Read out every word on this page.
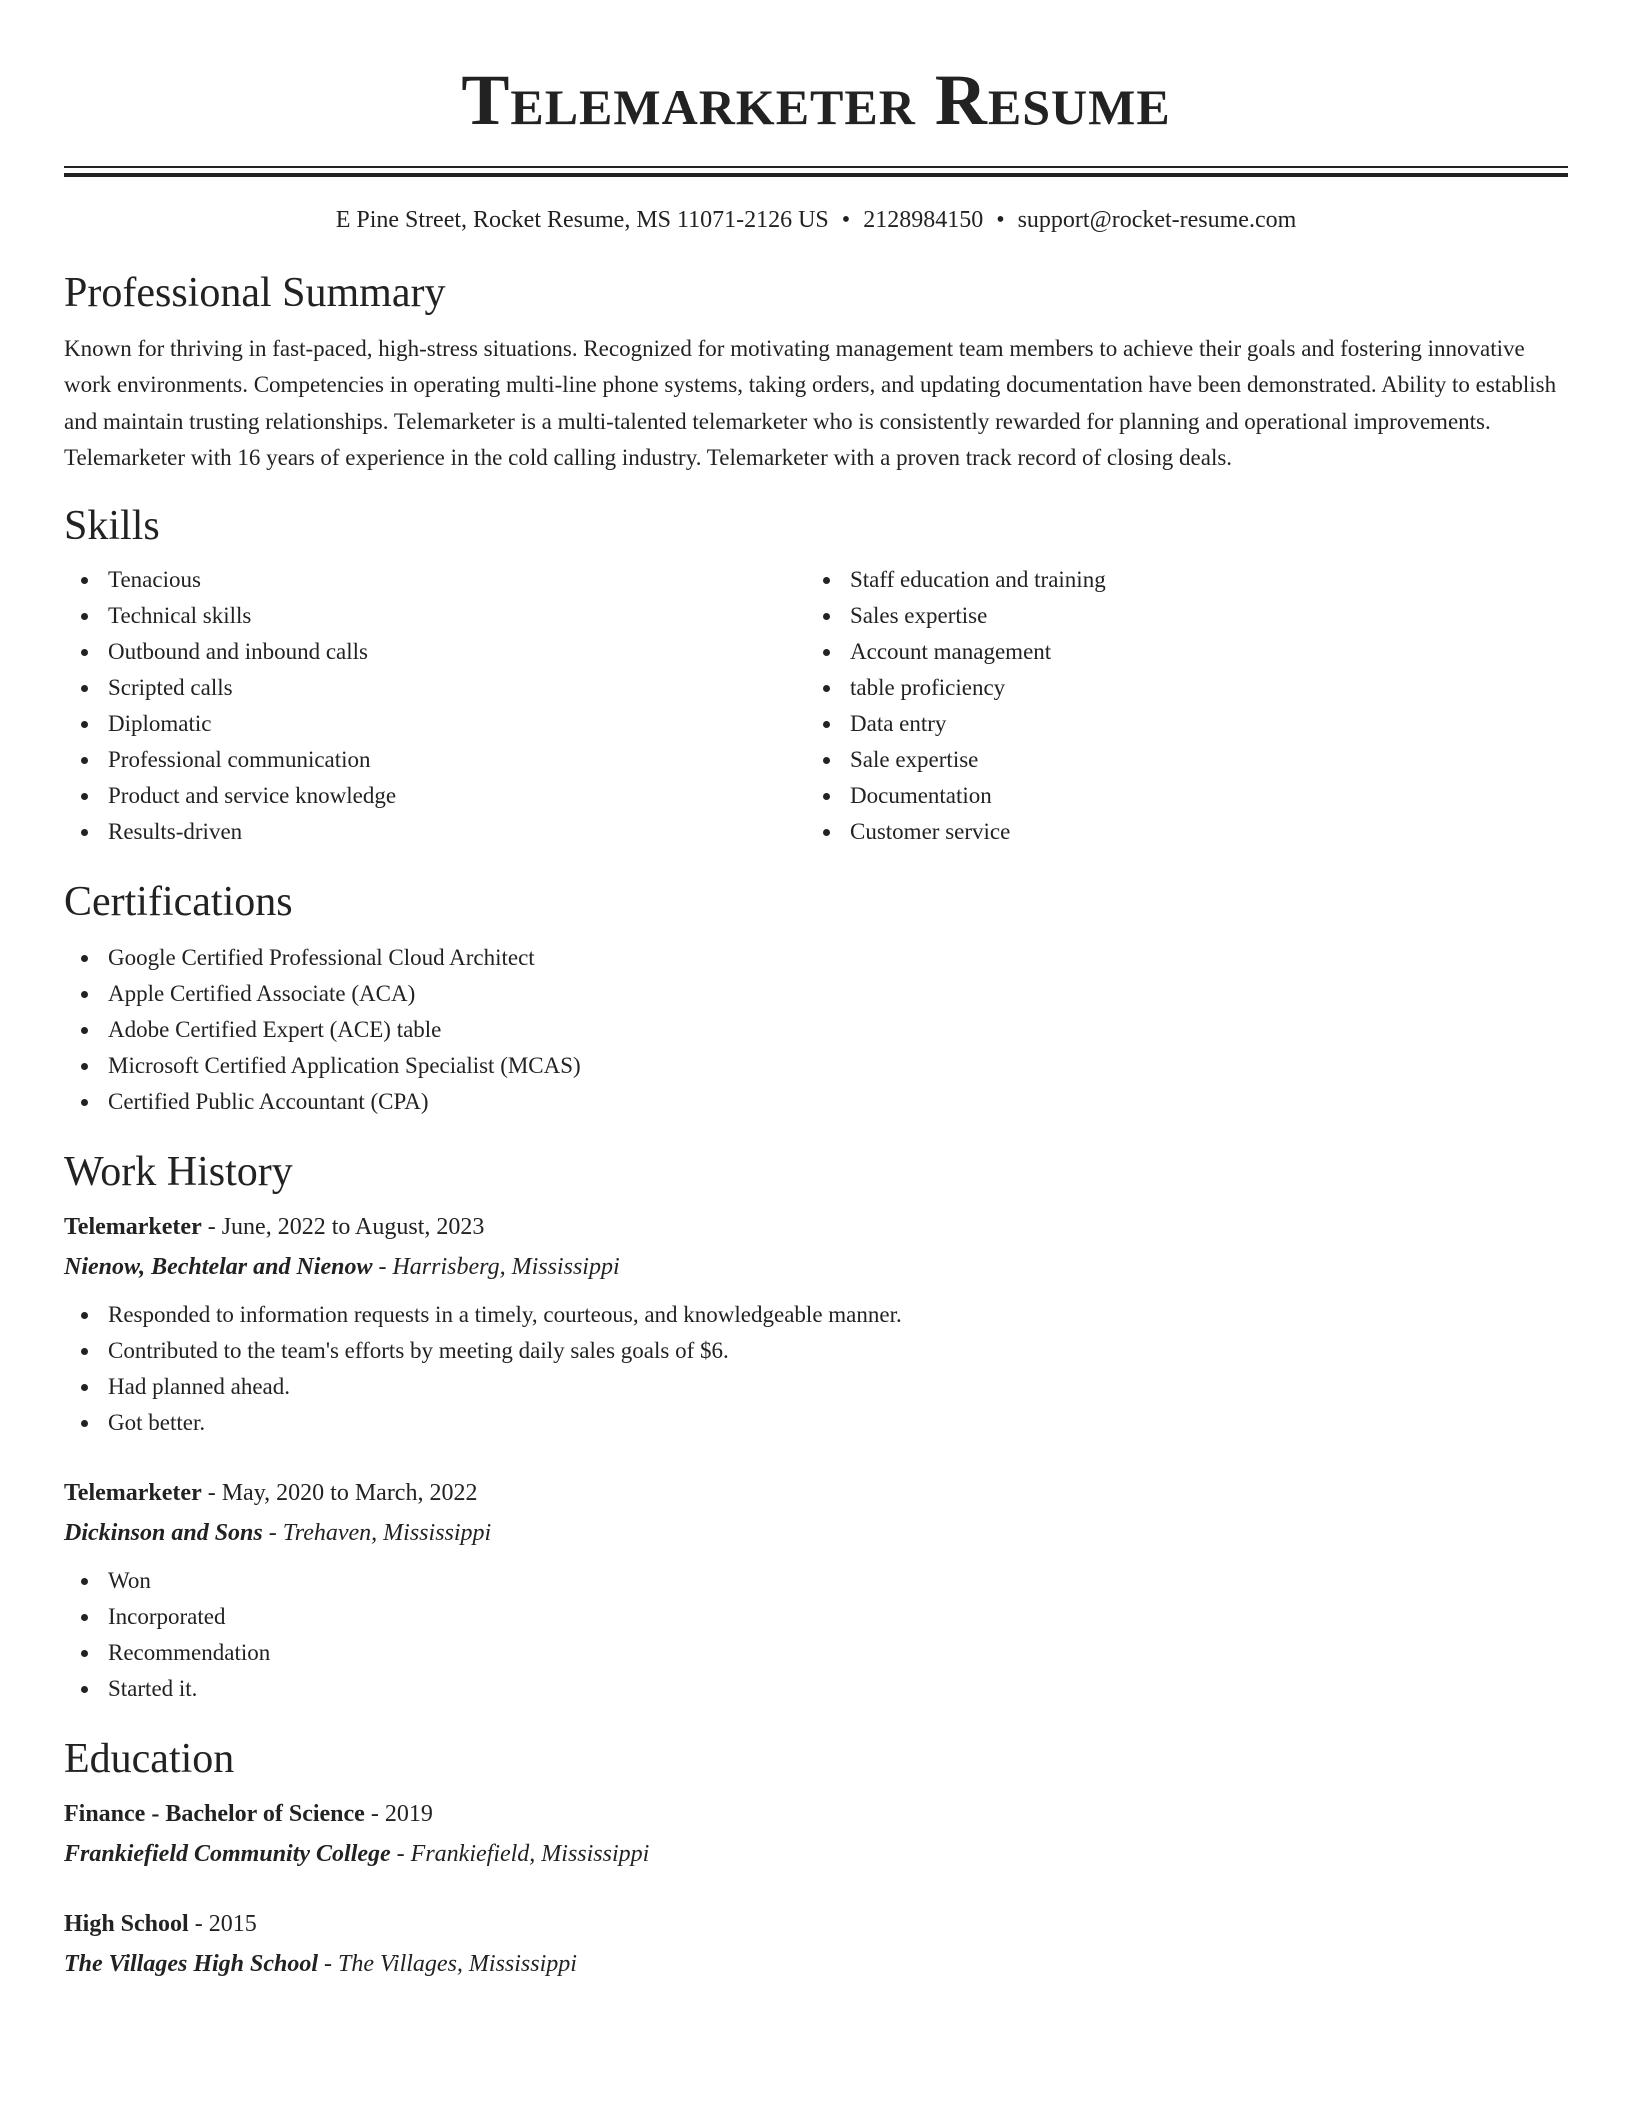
Telemarketer Resume
E Pine Street, Rocket Resume, MS 11071-2126 US • 2128984150 • support@rocket-resume.com
Professional Summary

Known for thriving in fast-paced, high-stress situations. Recognized for motivating management team members to achieve their goals and fostering innovative work environments. Competencies in operating multi-line phone systems, taking orders, and updating documentation have been demonstrated. Ability to establish and maintain trusting relationships. Telemarketer is a multi-talented telemarketer who is consistently rewarded for planning and operational improvements. Telemarketer with 16 years of experience in the cold calling industry. Telemarketer with a proven track record of closing deals.

Skills
Tenacious
Technical skills
Outbound and inbound calls
Scripted calls
Diplomatic
Professional communication
Product and service knowledge
Results-driven
Staff education and training
Sales expertise
Account management
table proficiency
Data entry
Sale expertise
Documentation
Customer service
Certifications
Google Certified Professional Cloud Architect
Apple Certified Associate (ACA)
Adobe Certified Expert (ACE) table
Microsoft Certified Application Specialist (MCAS)
Certified Public Accountant (CPA)
Work History
Telemarketer - June, 2022 to August, 2023
Nienow, Bechtelar and Nienow - Harrisberg, Mississippi
Responded to information requests in a timely, courteous, and knowledgeable manner.
Contributed to the team's efforts by meeting daily sales goals of $6.
Had planned ahead.
Got better.
Telemarketer - May, 2020 to March, 2022
Dickinson and Sons - Trehaven, Mississippi
Won
Incorporated
Recommendation
Started it.
Education
Finance - Bachelor of Science - 2019
Frankiefield Community College - Frankiefield, Mississippi
High School - 2015
The Villages High School - The Villages, Mississippi
